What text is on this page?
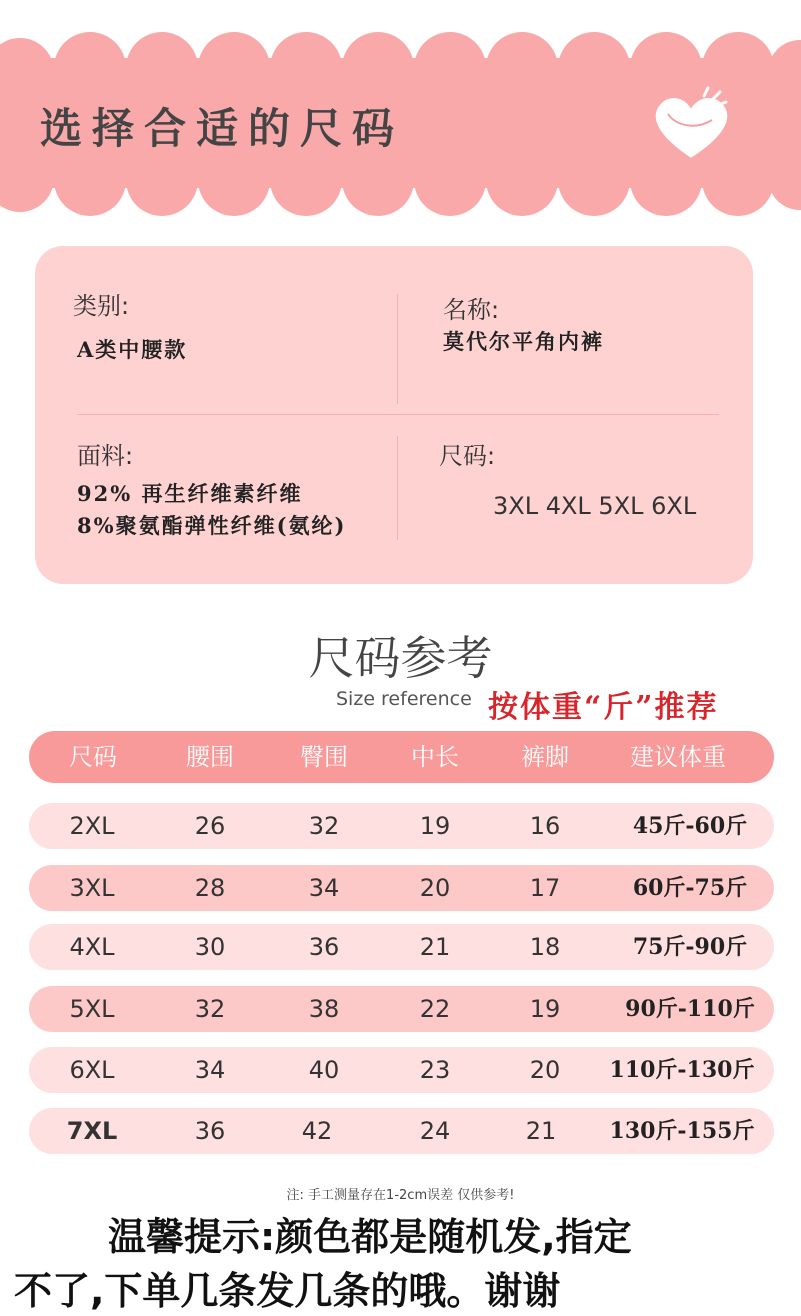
选择合适的尺码
类别:
A类中腰款
名称:
莫代尔平角内裤
面料:
92% 再生纤维素纤维
8%聚氨酯弹性纤维(氨纶)
尺码:
3XL 4XL 5XL 6XL
尺码参考
Size reference 按体重“斤”推荐
尺码	腰围	臀围	中长	裤脚	建议体重
2XL	26	32	19	16	45斤-60斤
3XL	28	34	20	17	60斤-75斤
4XL	30	36	21	18	75斤-90斤
5XL	32	38	22	19	90斤-110斤
6XL	34	40	23	20 110斤-130斤
7XL	36	42	24	21 130斤-155斤
注: 手工测量存在1-2cm误差 仅供参考!
温馨提示:颜色都是随机发,指定
不了,下单几条发几条的哦。谢谢
